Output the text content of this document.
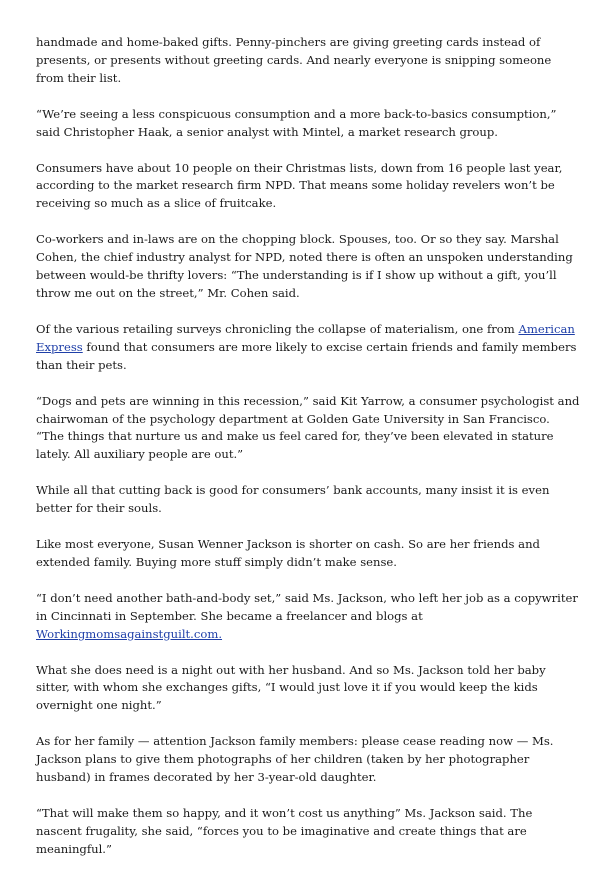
handmade and home-baked gifts. Penny-pinchers are giving greeting cards instead of presents, or presents without greeting cards. And nearly everyone is snipping someone from their list.

“We’re seeing a less conspicuous consumption and a more back-to-basics consumption,” said Christopher Haak, a senior analyst with Mintel, a market research group.

Consumers have about 10 people on their Christmas lists, down from 16 people last year, according to the market research firm NPD. That means some holiday revelers won’t be receiving so much as a slice of fruitcake.

Co-workers and in-laws are on the chopping block. Spouses, too. Or so they say. Marshal Cohen, the chief industry analyst for NPD, noted there is often an unspoken understanding between would-be thrifty lovers: “The understanding is if I show up without a gift, you’ll throw me out on the street,” Mr. Cohen said.

Of the various retailing surveys chronicling the collapse of materialism, one from American Express found that consumers are more likely to excise certain friends and family members than their pets.

“Dogs and pets are winning in this recession,” said Kit Yarrow, a consumer psychologist and chairwoman of the psychology department at Golden Gate University in San Francisco. “The things that nurture us and make us feel cared for, they’ve been elevated in stature lately. All auxiliary people are out.”

While all that cutting back is good for consumers’ bank accounts, many insist it is even better for their souls.

Like most everyone, Susan Wenner Jackson is shorter on cash. So are her friends and extended family. Buying more stuff simply didn’t make sense.

“I don’t need another bath-and-body set,” said Ms. Jackson, who left her job as a copywriter in Cincinnati in September. She became a freelancer and blogs at Workingmomsagainstguilt.com.

What she does need is a night out with her husband. And so Ms. Jackson told her baby sitter, with whom she exchanges gifts, “I would just love it if you would keep the kids overnight one night.”

As for her family — attention Jackson family members: please cease reading now — Ms. Jackson plans to give them photographs of her children (taken by her photographer husband) in frames decorated by her 3-year-old daughter.

“That will make them so happy, and it won’t cost us anything” Ms. Jackson said. The nascent frugality, she said, “forces you to be imaginative and create things that are meaningful.”
